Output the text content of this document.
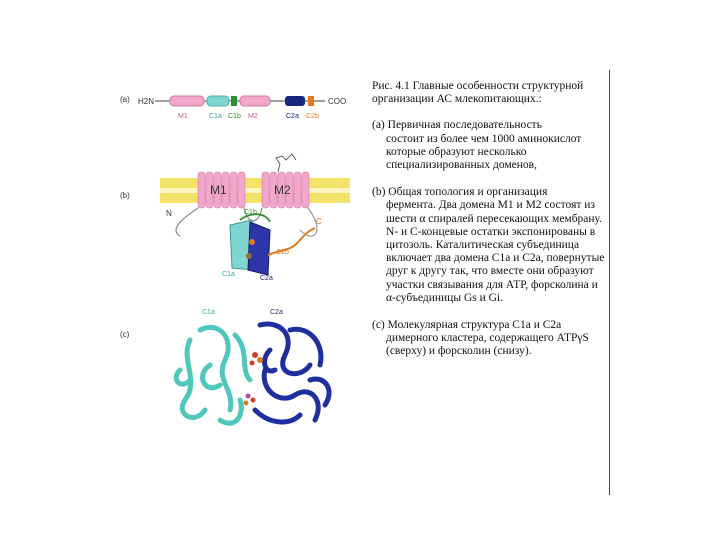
(a) H2N	COO
M1	C1a C1b M2	C2a C2b
(b)	M1	M2
N	C1b
C
C2b
C1a
C2a
(c)
C1a	C2a
Рис. 4.1 Главные особенности структурной организации АС млекопитающих.:
(а) Первичная последовательность
состоит из более чем 1000 аминокислот которые образуют несколько специализированных доменов,
(b) Общая топология и организация
фермента. Два домена M1 и M2 состоят из шести α спиралей пересекающих мембрану. N- и С-концевые остатки экспонированы в цитозоль. Каталитическая субъединица включает два домена C1a и C2a, повернутые друг к другу так, что вместе они образуют участки связывания для АТР, форсколина и α-субъединицы Gs и Gi.
(c) Молекулярная структура С1а и С2а
димерного кластера, содержащего АТРγS (сверху) и форсколин (снизу).
